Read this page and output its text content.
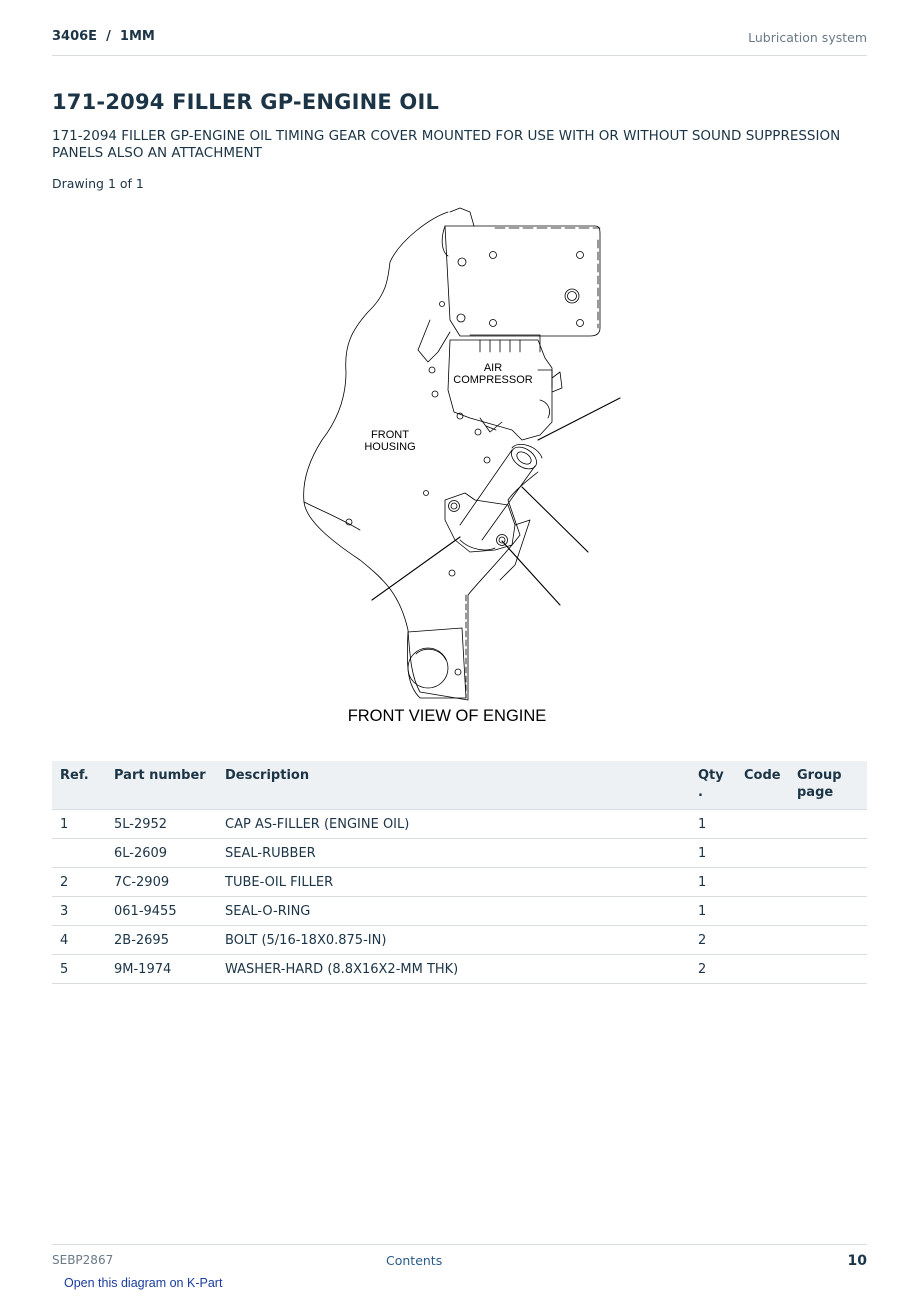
3406E  /  1MM	Lubrication system
171-2094 FILLER GP-ENGINE OIL
171-2094 FILLER GP-ENGINE OIL TIMING GEAR COVER MOUNTED FOR USE WITH OR WITHOUT SOUND SUPPRESSION PANELS ALSO AN ATTACHMENT
Drawing 1 of 1
AIR
COMPRESSOR
FRONT
HOUSING
FRONT VIEW OF ENGINE
Ref.	Part number	Description	Qty .	Code	Group page
1	5L-2952	CAP AS-FILLER (ENGINE OIL)	1		
	6L-2609	SEAL-RUBBER	1		
2	7C-2909	TUBE-OIL FILLER	1		
3	061-9455	SEAL-O-RING	1		
4	2B-2695	BOLT (5/16-18X0.875-IN)	2		
5	9M-1974	WASHER-HARD (8.8X16X2-MM THK)	2		
SEBP2867	Contents	10
Open this diagram on K-Part
